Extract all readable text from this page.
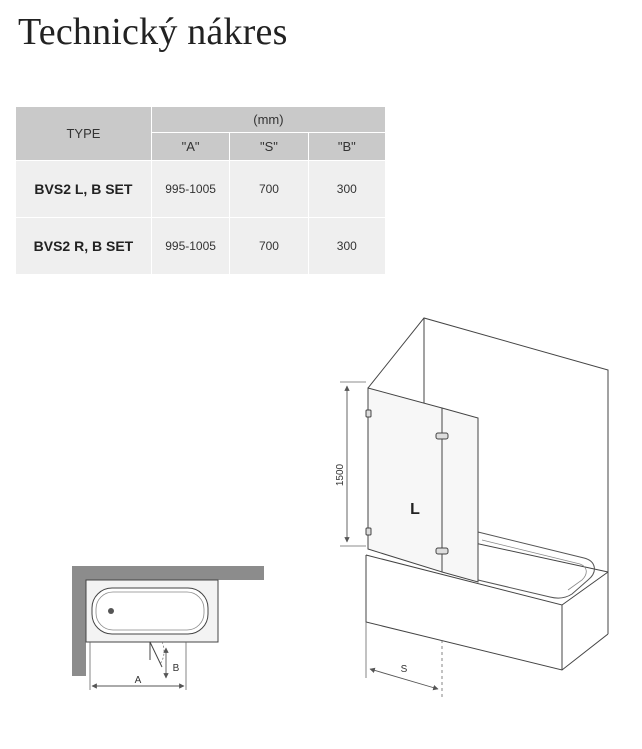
Technický nákres
TYPE	(mm)		
	"A"	"S"	"B"
BVS2 L, B SET	995-1005	700	300
BVS2 R, B SET	995-1005	700	300
A
B
1500
L
S
